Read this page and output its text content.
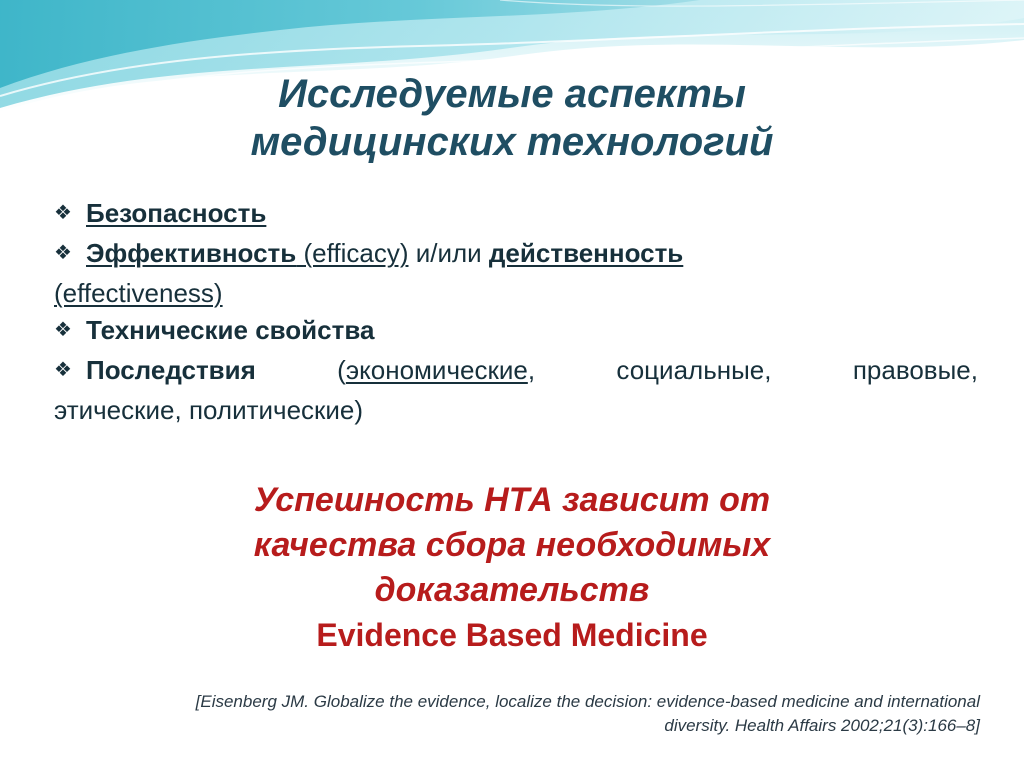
Исследуемые аспекты
медицинских технологий
❖ Безопасность
❖ Эффективность (efficacy) и/или действенность
(effectiveness)
❖ Технические свойства
❖ Последствия	(экономические, социальные, правовые,
этические, политические)
Успешность НТА зависит от
качества сбора необходимых
доказательств
Evidence Based Medicine
[Eisenberg JM. Globalize the evidence, localize the decision: evidence-based medicine and international
diversity. Health Affairs 2002;21(3):166–8]
